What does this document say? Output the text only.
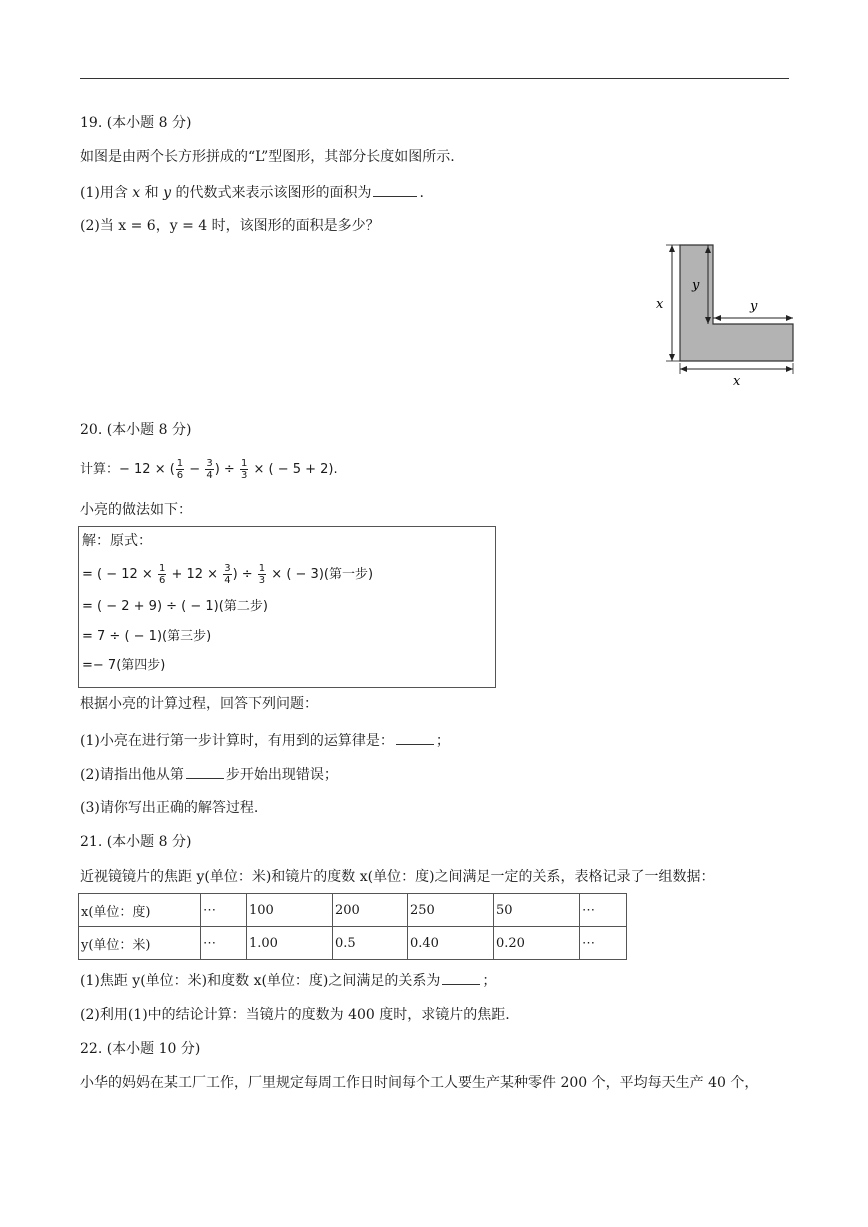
19. (本小题 8 分)
如图是由两个长方形拼成的“L”型图形，其部分长度如图所示.
(1)用含 x 和 y 的代数式来表示该图形的面积为	.
(2)当 x = 6，y = 4 时，该图形的面积是多少？
x
y
y
x
20. (本小题 8 分)
计算：− 12 × ( $\frac{1}{6} - \frac{3}{4}$ ) ÷ $\frac{1}{3}$ × ( − 5 + 2).
小亮的做法如下：
解：原式：
= ( − $12 \times \frac{1}{6} + 12 \times \frac{3}{4}$ ) ÷ $\frac{1}{3}$ × ( − 3)(第一步)
= ( − 2 + 9) ÷ ( − 1)(第二步)
= 7 ÷ ( − 1)(第三步)
=− 7(第四步)
根据小亮的计算过程，回答下列问题：
(1)小亮在进行第一步计算时，有用到的运算律是：	；
(2)请指出他从第	步开始出现错误；
(3)请你写出正确的解答过程.
21. (本小题 8 分)
近视镜镜片的焦距 y(单位：米)和镜片的度数 x(单位：度)之间满足一定的关系，表格记录了一组数据：
x(单位：度)	⋯	100	200	250	50	⋯
y(单位：米)	⋯	1.00	0.5	0.40	0.20	⋯
(1)焦距 y(单位：米)和度数 x(单位：度)之间满足的关系为	；
(2)利用(1)中的结论计算：当镜片的度数为 400 度时，求镜片的焦距.
22. (本小题 10 分)
小华的妈妈在某工厂工作，厂里规定每周工作日时间每个工人要生产某种零件 200 个，平均每天生产 40 个，
